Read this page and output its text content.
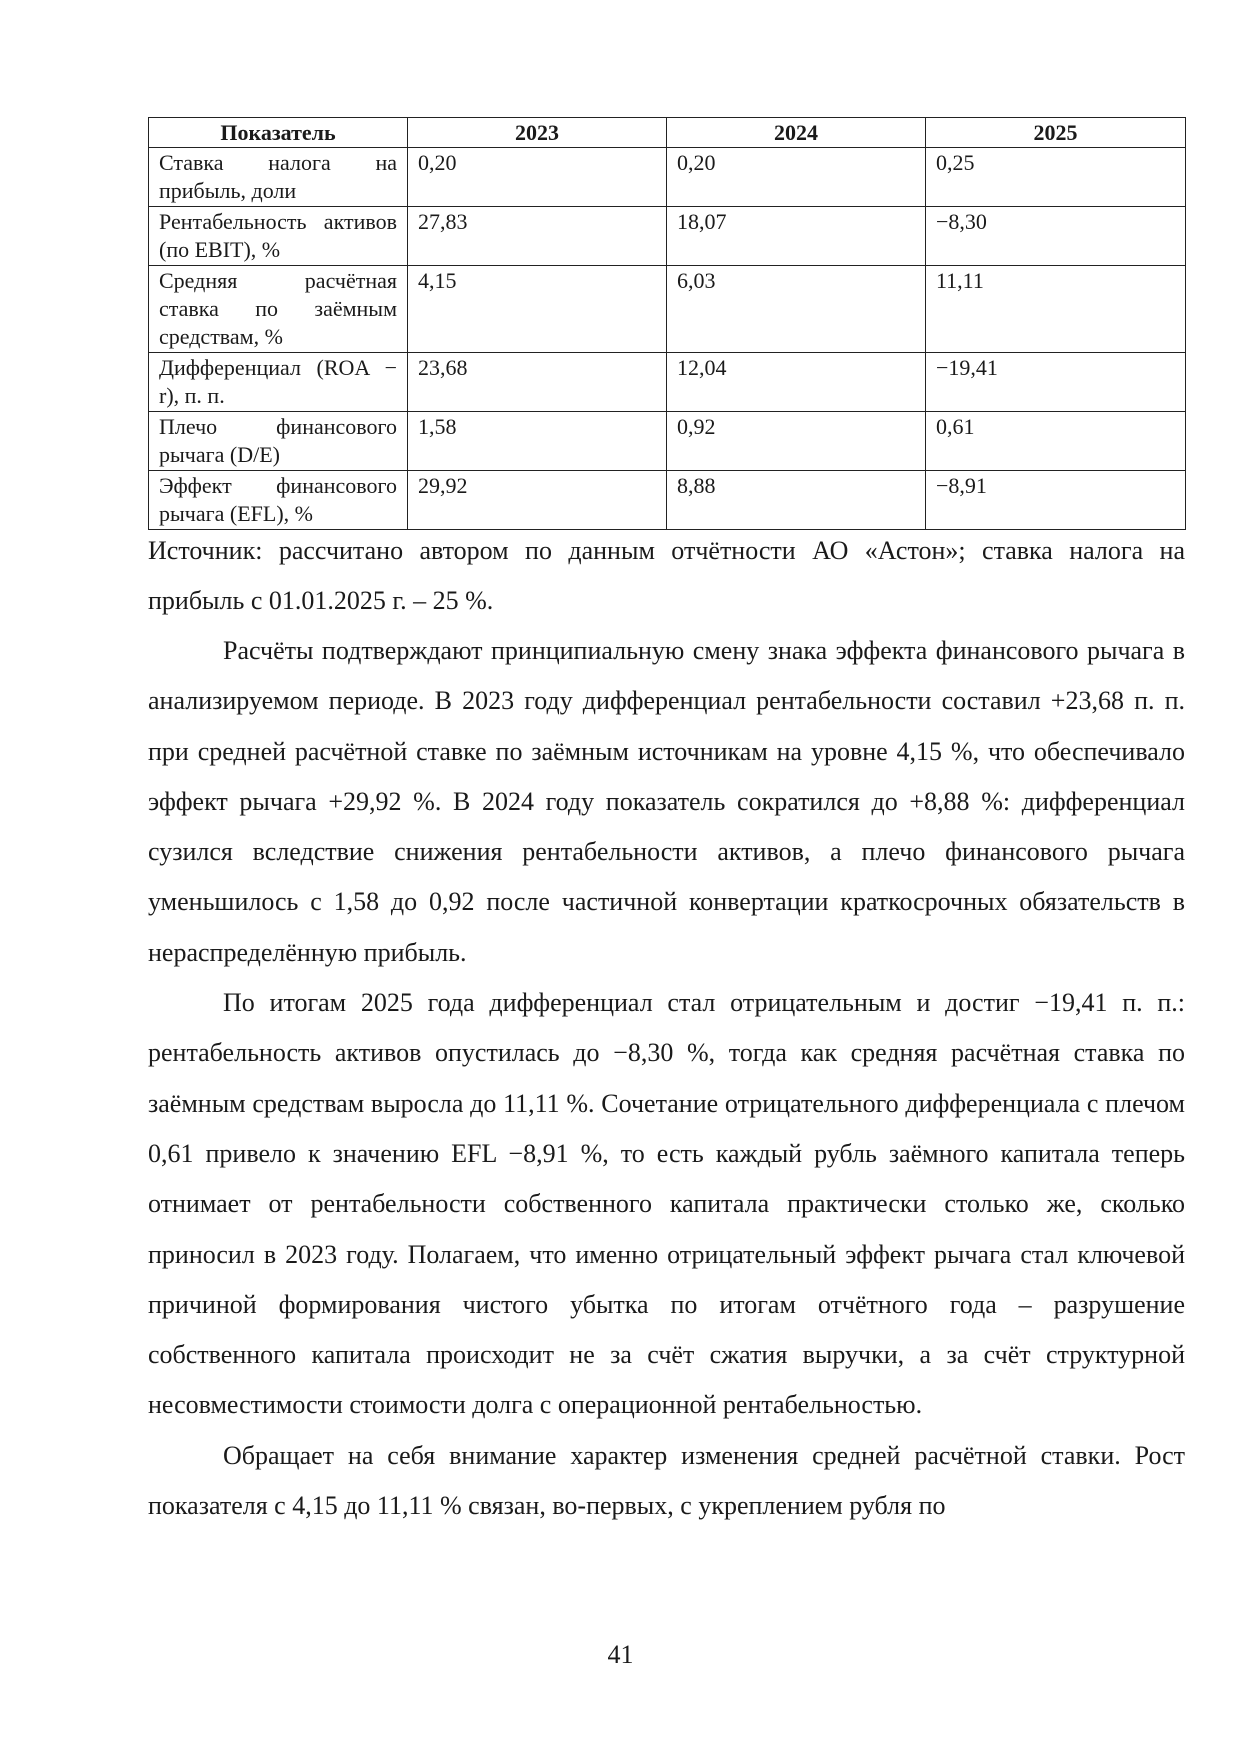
Показатель	2023	2024	2025
Ставка налога на прибыль, доли	0,20	0,20	0,25
Рентабельность активов (по EBIT), %	27,83	18,07	−8,30
Средняя расчётная ставка по заёмным средствам, %	4,15	6,03	11,11
Дифференциал (ROA − r), п. п.	23,68	12,04	−19,41
Плечо финансового рычага (D/E)	1,58	0,92	0,61
Эффект финансового рычага (EFL), %	29,92	8,88	−8,91

Источник: рассчитано автором по данным отчётности АО «Астон»; ставка налога на прибыль с 01.01.2025 г. – 25 %.

Расчёты подтверждают принципиальную смену знака эффекта финансового рычага в анализируемом периоде. В 2023 году дифференциал рентабельности составил +23,68 п. п. при средней расчётной ставке по заёмным источникам на уровне 4,15 %, что обеспечивало эффект рычага +29,92 %. В 2024 году показатель сократился до +8,88 %: дифференциал сузился вследствие снижения рентабельности активов, а плечо финансового рычага уменьшилось с 1,58 до 0,92 после частичной конвертации краткосрочных обязательств в нераспределённую прибыль.

По итогам 2025 года дифференциал стал отрицательным и достиг −19,41 п. п.: рентабельность активов опустилась до −8,30 %, тогда как средняя расчётная ставка по заёмным средствам выросла до 11,11 %. Сочетание отрицательного дифференциала с плечом 0,61 привело к значению EFL −8,91 %, то есть каждый рубль заёмного капитала теперь отнимает от рентабельности собственного капитала практически столько же, сколько приносил в 2023 году. Полагаем, что именно отрицательный эффект рычага стал ключевой причиной формирования чистого убытка по итогам отчётного года – разрушение собственного капитала происходит не за счёт сжатия выручки, а за счёт структурной несовместимости стоимости долга с операционной рентабельностью.

Обращает на себя внимание характер изменения средней расчётной ставки. Рост показателя с 4,15 до 11,11 % связан, во-первых, с укреплением рубля по

41
